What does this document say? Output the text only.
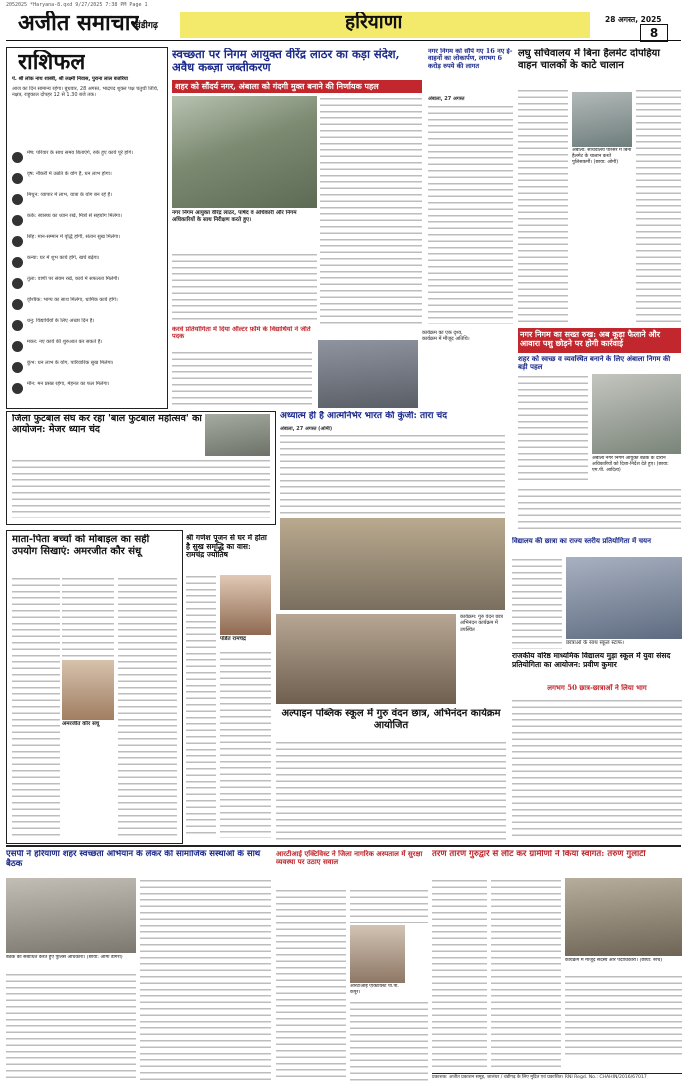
2052025 *Haryana-8.qxd 9/27/2025 7:38 PM Page 1
अजीत समाचार
चंडीगढ़	हरियाणा	28 अगस्त, 2025
8
राशिफल
पं. श्री लोक नाथ शास्त्री, श्री लक्ष्मी निवास, पुराना लाल बजरिया
आज का दिन सामान्य रहेगा। बुधवार, 28 अगस्त, भाद्रपद शुक्ल पक्ष चतुर्थी तिथि, नक्षत्र, राहुकाल दोपहर 12 से 1.30 बजे तक।
मेष: परिवार के साथ समय बिताएंगे, रुके हुए कार्य पूरे होंगे।
वृष: नौकरी में उन्नति के योग हैं, धन लाभ होगा।
मिथुन: व्यापार में लाभ, यात्रा के योग बन रहे हैं।
कर्क: स्वास्थ्य का ध्यान रखें, मित्रों से सहयोग मिलेगा।
सिंह: मान-सम्मान में वृद्धि होगी, संतान सुख मिलेगा।
कन्या: घर में शुभ कार्य होंगे, खर्च बढ़ेगा।
तुला: वाणी पर संयम रखें, कार्य में सफलता मिलेगी।
वृश्चिक: भाग्य का साथ मिलेगा, धार्मिक कार्य होंगे।
धनु: विद्यार्थियों के लिए अच्छा दिन है।
मकर: नए कार्य की शुरुआत कर सकते हैं।
कुंभ: धन लाभ के योग, पारिवारिक सुख मिलेगा।
मीन: मन प्रसन्न रहेगा, मेहनत का फल मिलेगा।
स्वच्छता पर निगम आयुक्त वीरेंद्र लाठर का कड़ा संदेश, अवैध कब्ज़ा जब्तीकरण
शहर को सौंदर्य नगर, अंबाला को गंदगी मुक्त बनाने की निर्णायक पहल
नगर निगम आयुक्त वीरेंद्र लाठर, पार्षद व अधिकारी और निगम अधिकारियों के साथ निरीक्षण करते हुए।
नगर निगम को सौंपे गए 16 नए ई-वाहनों का लोकार्पण, लगभग 6 करोड़ रुपये की लागत
अंबाला, 27 अगस्त
लघु सचिवालय में बिना हैलमेट दोपहिया वाहन चालकों के काटे चालान
अंबाला: सचिवालय परिसर में बिना हैलमेट के चालान करते पुलिसकर्मी। (छाया: ओमी)
करवे प्रतियोगिता में दिया ऑल्टर फ़ॉर्म के विद्यार्थियों ने जीते पदक	कार्यक्रम का एक दृश्य, कार्यक्रम में मौजूद अतिथि।
अध्यात्म ही है आत्मनिर्भर भारत की कुंजी: तारा चंद
अंबाला, 27 अगस्त (ओमी)
नगर निगम का सख्त रुख: अब कूड़ा फैलाने और आवारा पशु छोड़ने पर होगी कार्रवाई
शहर को स्वच्छ व व्यवस्थित बनाने के लिए अंबाला निगम की बड़ी पहल
अंबाला नगर निगम आयुक्त बैठक के दौरान अधिकारियों को दिशा-निर्देश देते हुए। (छाया: एम.पी. आदित्य)
जिला फुटबाल संघ कर रहा 'बाल फुटबाल महोत्सव' का आयोजन: मेजर ध्यान चंद
माता-पिता बच्चों को मोबाइल का सही उपयोग सिखाएं: अमरजीत कौर संधू
अमरजीत कौर संधू
श्री गणेश पूजन से घर में होता है सुख समृद्धि का वास: रामचंद्र ज्योतिष
पंडित रामचंद्र
कार्यक्रम: गुरु वंदन छात्र अभिनंदन कार्यक्रम में उपस्थित
अल्पाइन पब्लिक स्कूल में गुरु वंदन छात्र, अभिनंदन कार्यक्रम आयोजित
विद्यालय की छात्रा का राज्य स्तरीय प्रतियोगिता में चयन
छात्राओं के साथ स्कूल स्टाफ।
राजकीय वरिष्ठ माध्यमिक विद्यालय मुड़ा स्कूल में युवा संसद प्रतियोगिता का आयोजन: प्रवीण कुमार
लगभग 50 छात्र-छात्राओं ने लिया भाग
एसपी ने हरियाणा शहर स्वच्छता अभियान के लेकर की सामाजिक संस्थाओं के साथ बैठक
बैठक को संबोधित करते हुए पुलिस अधिकारी। (छाया: ओमी डोगरी)
आरटीआई एक्टिविस्ट ने जिला नागरिक अस्पताल में सुरक्षा व्यवस्था पर उठाए सवाल
आरटीआई एक्टिविस्ट पी.पी. कपूर।
तरण तारण गुरुद्वारे से लौट कर ग्रामीणों ने किया स्वागत: तरुण गुलाटी
कार्यक्रम में मौजूद सदस्य और पदाधिकारी। (छाया: रुचि)
प्रकाशक: अजीत प्रकाशन समूह, जालंधर / चंडीगढ़ के लिए मुद्रित एवं प्रकाशित। RNI Regd. No.: CHAHIN/2016/67017
